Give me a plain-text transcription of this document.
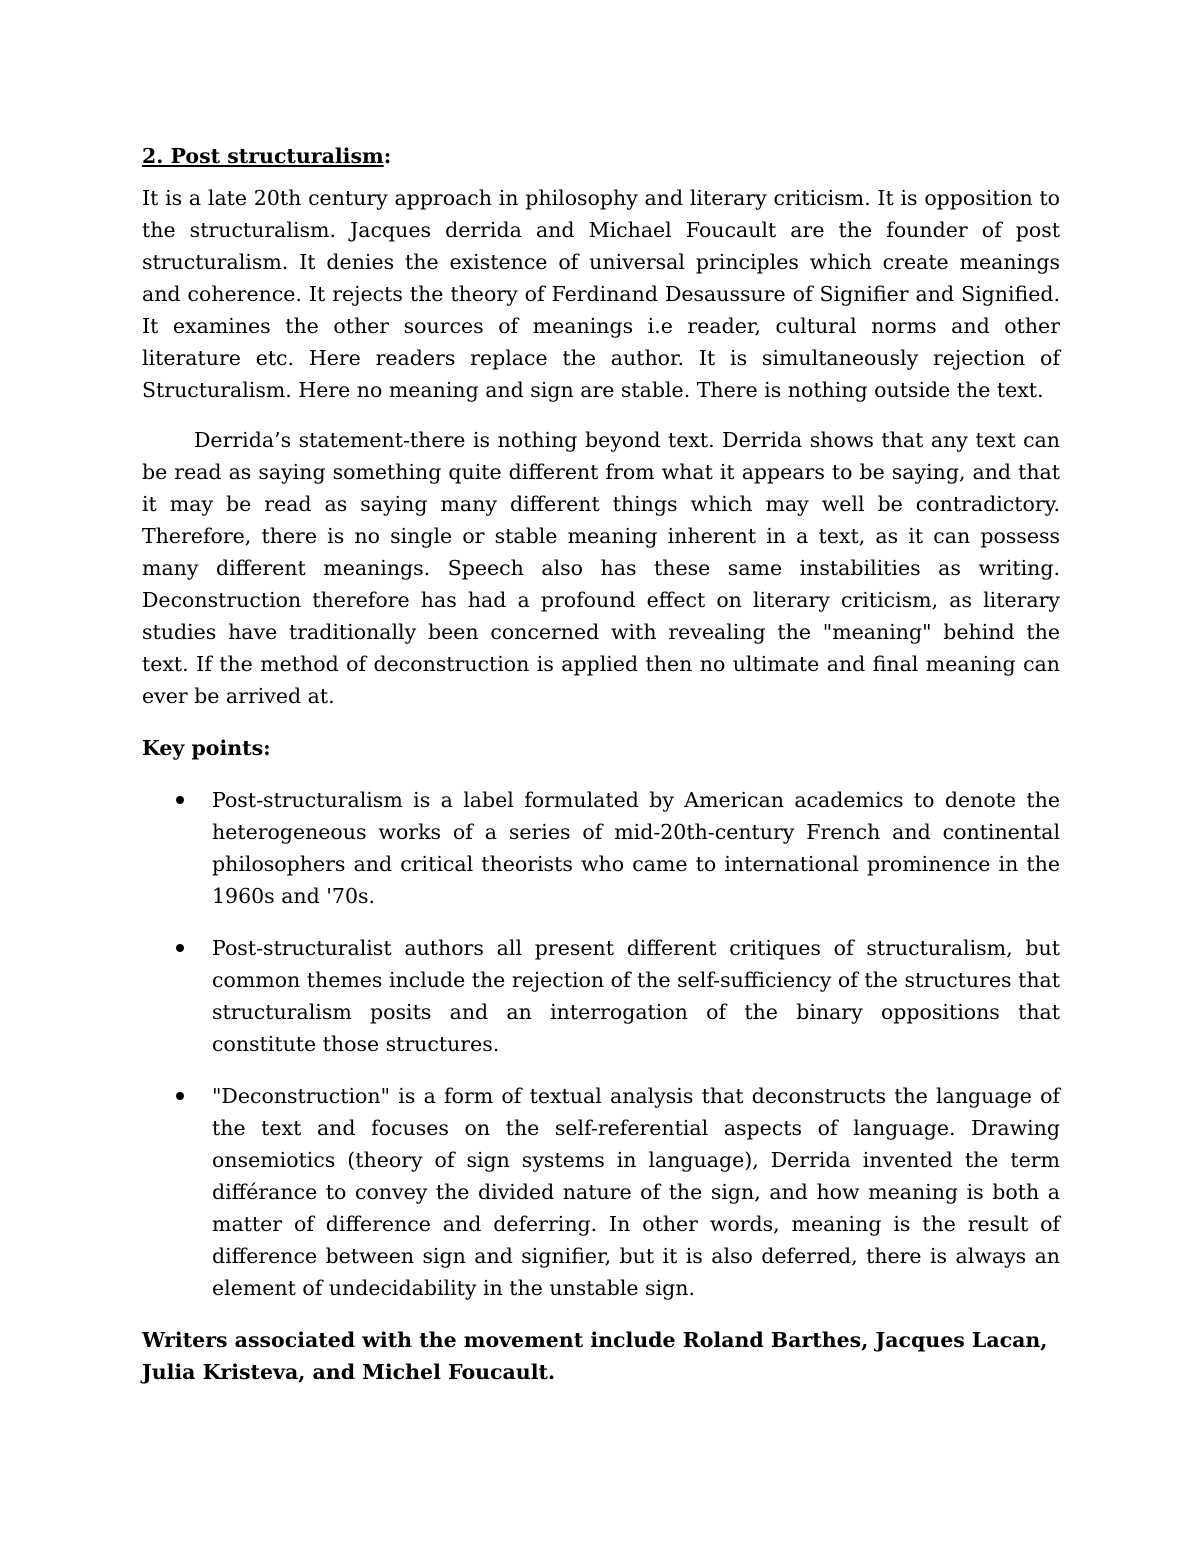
2. Post structuralism:

It is a late 20th century approach in philosophy and literary criticism. It is opposition to the structuralism. Jacques derrida and Michael Foucault are the founder of post structuralism. It denies the existence of universal principles which create meanings and coherence. It rejects the theory of Ferdinand Desaussure of Signifier and Signified. It examines the other sources of meanings i.e reader, cultural norms and other literature etc. Here readers replace the author. It is simultaneously rejection of Structuralism. Here no meaning and sign are stable. There is nothing outside the text.

Derrida’s statement-there is nothing beyond text. Derrida shows that any text can be read as saying something quite different from what it appears to be saying, and that it may be read as saying many different things which may well be contradictory. Therefore, there is no single or stable meaning inherent in a text, as it can possess many different meanings. Speech also has these same instabilities as writing. Deconstruction therefore has had a profound effect on literary criticism, as literary studies have traditionally been concerned with revealing the "meaning" behind the text. If the method of deconstruction is applied then no ultimate and final meaning can ever be arrived at.

Key points:
Post-structuralism is a label formulated by American academics to denote the heterogeneous works of a series of mid-20th-century French and continental philosophers and critical theorists who came to international prominence in the 1960s and '70s.
Post-structuralist authors all present different critiques of structuralism, but common themes include the rejection of the self-sufficiency of the structures that structuralism posits and an interrogation of the binary oppositions that constitute those structures.
"Deconstruction" is a form of textual analysis that deconstructs the language of the text and focuses on the self-referential aspects of language. Drawing onsemiotics (theory of sign systems in language), Derrida invented the term différance to convey the divided nature of the sign, and how meaning is both a matter of difference and deferring. In other words, meaning is the result of difference between sign and signifier, but it is also deferred, there is always an element of undecidability in the unstable sign.

Writers associated with the movement include Roland Barthes, Jacques Lacan, Julia Kristeva, and Michel Foucault.
